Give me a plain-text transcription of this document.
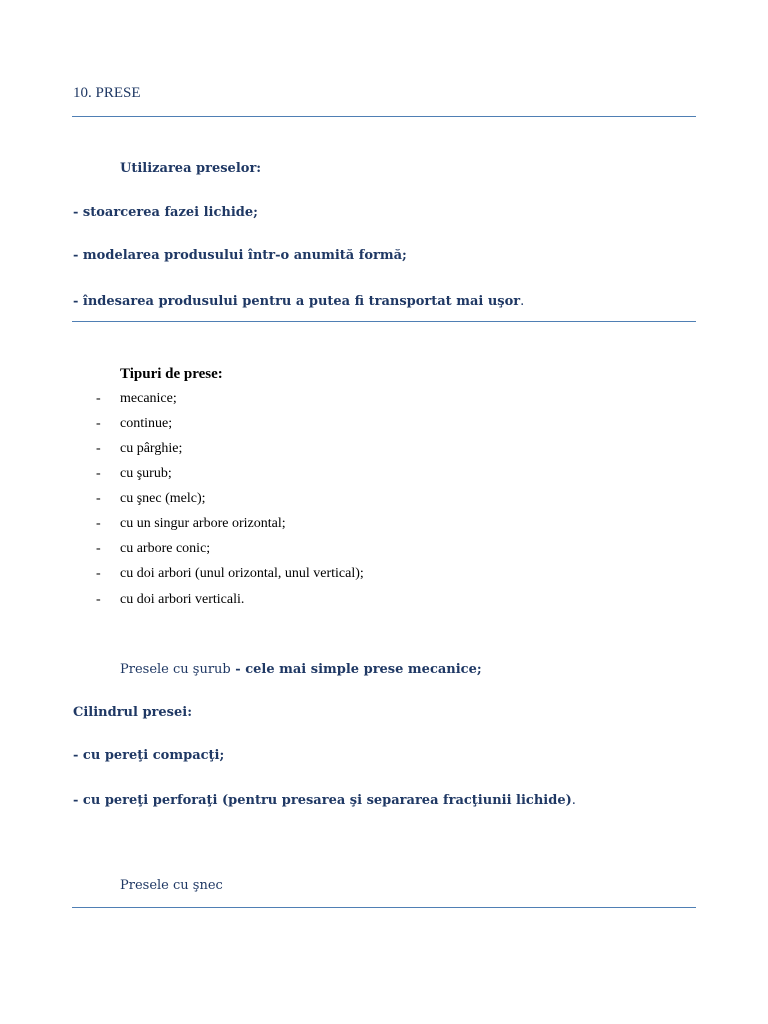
10. PRESE
Utilizarea preselor:
- stoarcerea fazei lichide;
- modelarea produsului într-o anumită formă;
- îndesarea produsului pentru a putea fi transportat mai uşor.
Tipuri de prese:
- mecanice;
- continue;
- cu pârghie;
- cu şurub;
- cu şnec (melc);
- cu un singur arbore orizontal;
- cu arbore conic;
- cu doi arbori (unul orizontal, unul vertical);
- cu doi arbori verticali.
Presele cu şurub - cele mai simple prese mecanice;
Cilindrul presei:
- cu pereţi compacţi;
- cu pereţi perforaţi (pentru presarea şi separarea fracţiunii lichide).
Presele cu şnec
